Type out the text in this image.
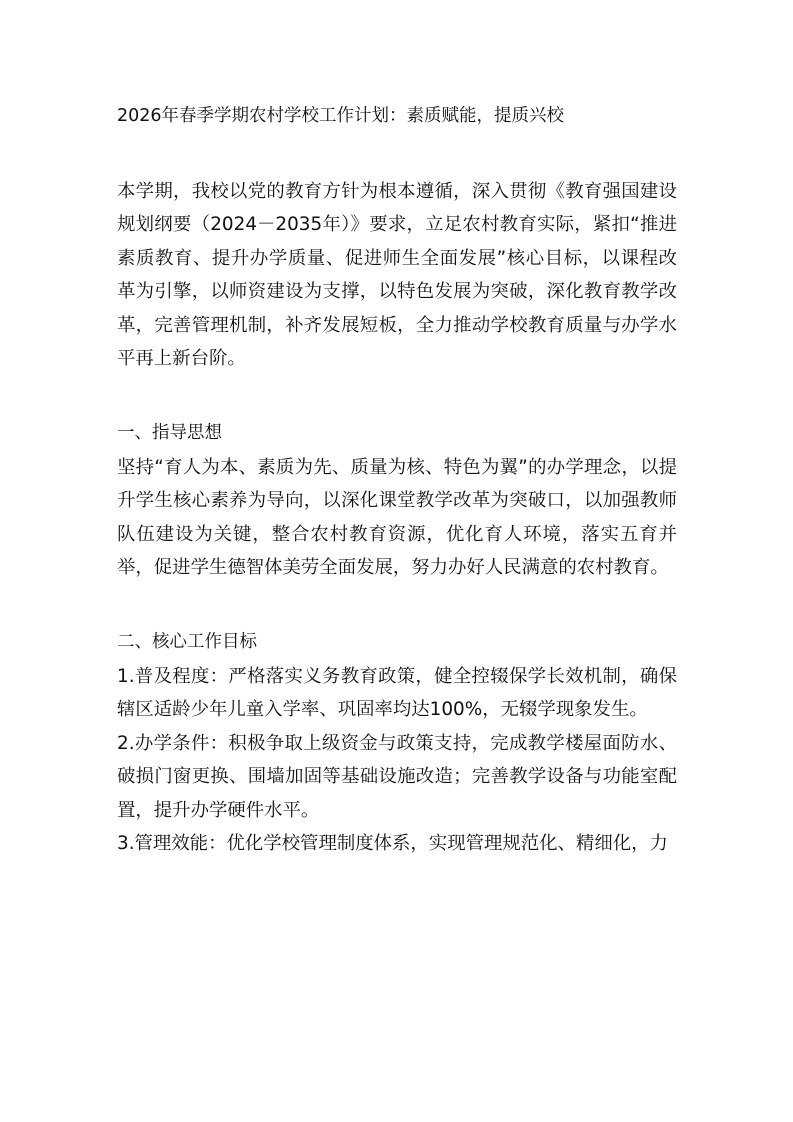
2026年春季学期农村学校工作计划：素质赋能，提质兴校

本学期，我校以党的教育方针为根本遵循，深入贯彻《教育强国建设规划纲要（2024－2035年）》要求，立足农村教育实际，紧扣“推进素质教育、提升办学质量、促进师生全面发展”核心目标，以课程改革为引擎，以师资建设为支撑，以特色发展为突破，深化教育教学改革，完善管理机制，补齐发展短板，全力推动学校教育质量与办学水平再上新台阶。

一、指导思想

坚持“育人为本、素质为先、质量为核、特色为翼”的办学理念，以提升学生核心素养为导向，以深化课堂教学改革为突破口，以加强教师队伍建设为关键，整合农村教育资源，优化育人环境，落实五育并举，促进学生德智体美劳全面发展，努力办好人民满意的农村教育。

二、核心工作目标

1.普及程度：严格落实义务教育政策，健全控辍保学长效机制，确保辖区适龄少年儿童入学率、巩固率均达100%，无辍学现象发生。

2.办学条件：积极争取上级资金与政策支持，完成教学楼屋面防水、破损门窗更换、围墙加固等基础设施改造；完善教学设备与功能室配置，提升办学硬件水平。

3.管理效能：优化学校管理制度体系，实现管理规范化、精细化，力
